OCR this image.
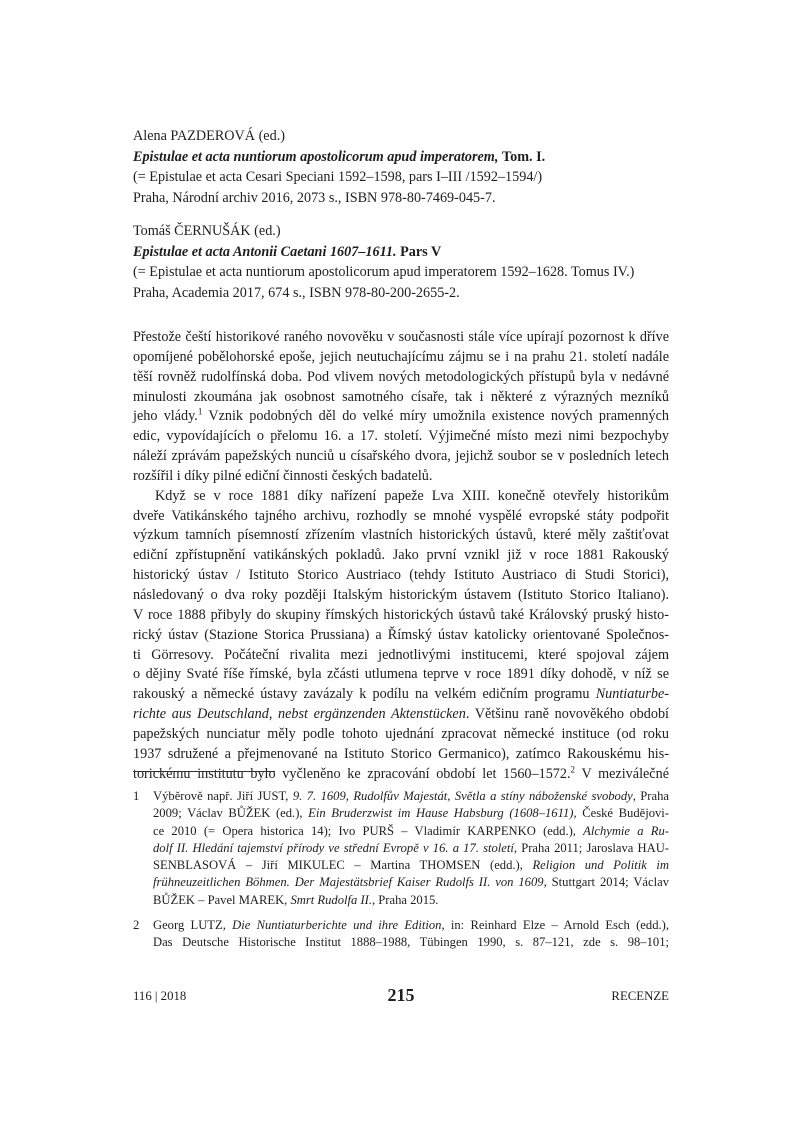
Alena PAZDEROVÁ (ed.)
Epistulae et acta nuntiorum apostolicorum apud imperatorem, Tom. I.
(= Epistulae et acta Cesari Speciani 1592–1598, pars I–III /1592–1594/)
Praha, Národní archiv 2016, 2073 s., ISBN 978-80-7469-045-7.
Tomáš ČERNUŠÁK (ed.)
Epistulae et acta Antonii Caetani 1607–1611. Pars V
(= Epistulae et acta nuntiorum apostolicorum apud imperatorem 1592–1628. Tomus IV.)
Praha, Academia 2017, 674 s., ISBN 978-80-200-2655-2.

Přestože čeští historikové raného novověku v současnosti stále více upírají pozornost k dříve
opomíjené pobělohorské epoše, jejich neutuchajícímu zájmu se i na prahu 21. století nadále
těší rovněž rudolfínská doba. Pod vlivem nových metodologických přístupů byla v nedávné
minulosti zkoumána jak osobnost samotného císaře, tak i některé z výrazných mezníků
jeho vlády.$^1$ Vznik podobných děl do velké míry umožnila existence nových pramenných
edic, vypovídajících o přelomu 16. a 17. století. Výjimečné místo mezi nimi bezpochyby
náleží zprávám papežských nunciů u císařského dvora, jejichž soubor se v posledních letech
rozšířil i díky pilné ediční činnosti českých badatelů.

Když se v roce 1881 díky nařízení papeže Lva XIII. konečně otevřely historikům
dveře Vatikánského tajného archivu, rozhodly se mnohé vyspělé evropské státy podpořit
výzkum tamních písemností zřízením vlastních historických ústavů, které měly zaštiťovat
ediční zpřístupnění vatikánských pokladů. Jako první vznikl již v roce 1881 Rakouský
historický ústav / Istituto Storico Austriaco (tehdy Istituto Austriaco di Studi Storici),
následovaný o dva roky později Italským historickým ústavem (Istituto Storico Italiano).
V roce 1888 přibyly do skupiny římských historických ústavů také Královský pruský histo-
rický ústav (Stazione Storica Prussiana) a Římský ústav katolicky orientované Společnos-
ti Görresovy. Počáteční rivalita mezi jednotlivými institucemi, které spojoval zájem
o dějiny Svaté říše římské, byla zčásti utlumena teprve v roce 1891 díky dohodě, v níž se
rakouský a německé ústavy zavázaly k podílu na velkém edičním programu Nuntiaturbe-
richte aus Deutschland, nebst ergänzenden Aktenstücken. Většinu raně novověkého období
papežských nunciatur měly podle tohoto ujednání zpracovat německé instituce (od roku
1937 sdružené a přejmenované na Istituto Storico Germanico), zatímco Rakouskému his-
torickému institutu bylo vyčleněno ke zpracování období let 1560–1572.$^2$ V meziválečné

1 Výběrově např. Jiří JUST, 9. 7. 1609, Rudolfův Majestát, Světla a stíny náboženské svobody, Praha
2009; Václav BŮŽEK (ed.), Ein Bruderzwist im Hause Habsburg (1608–1611), České Budějovi-
ce 2010 (= Opera historica 14); Ivo PURŠ – Vladimír KARPENKO (edd.), Alchymie a Ru-
dolf II. Hledání tajemství přírody ve střední Evropě v 16. a 17. století, Praha 2011; Jaroslava HAU-
SENBLASOVÁ – Jiří MIKULEC – Martina THOMSEN (edd.), Religion und Politik im
frühneuzeitlichen Böhmen. Der Majestätsbrief Kaiser Rudolfs II. von 1609, Stuttgart 2014; Václav
BŮŽEK – Pavel MAREK, Smrt Rudolfa II., Praha 2015.
2 Georg LUTZ, Die Nuntiaturberichte und ihre Edition, in: Reinhard Elze – Arnold Esch (edd.),
Das Deutsche Historische Institut 1888–1988, Tübingen 1990, s. 87–121, zde s. 98–101;
116 | 2018	215	RECENZE
